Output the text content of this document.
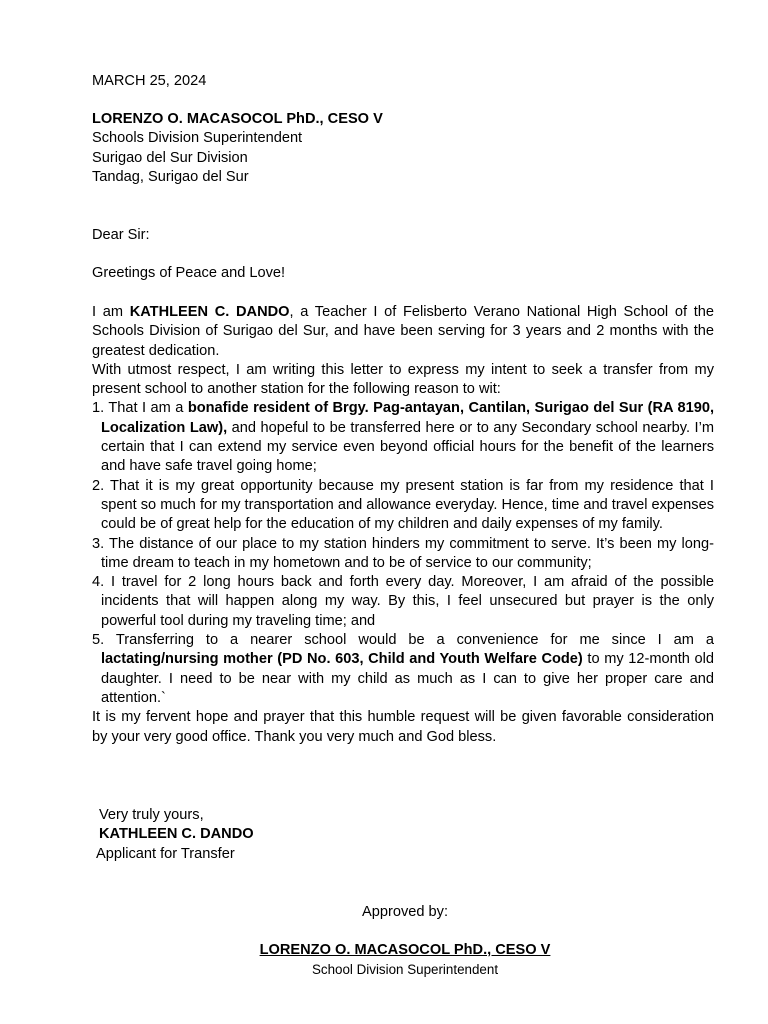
MARCH 25, 2024
LORENZO O. MACASOCOL PhD., CESO V
Schools Division Superintendent
Surigao del Sur Division
Tandag, Surigao del Sur
Dear Sir:
Greetings of Peace and Love!

I am KATHLEEN C. DANDO, a Teacher I of Felisberto Verano National High School of the Schools Division of Surigao del Sur, and have been serving for 3 years and 2 months with the greatest dedication.

With utmost respect, I am writing this letter to express my intent to seek a transfer from my present school to another station for the following reason to wit:

1. That I am a bonafide resident of Brgy. Pag-antayan, Cantilan, Surigao del Sur (RA 8190, Localization Law), and hopeful to be transferred here or to any Secondary school nearby. I’m certain that I can extend my service even beyond official hours for the benefit of the learners and have safe travel going home;

2. That it is my great opportunity because my present station is far from my residence that I spent so much for my transportation and allowance everyday. Hence, time and travel expenses could be of great help for the education of my children and daily expenses of my family.

3. The distance of our place to my station hinders my commitment to serve. It’s been my long-time dream to teach in my hometown and to be of service to our community;

4. I travel for 2 long hours back and forth every day. Moreover, I am afraid of the possible incidents that will happen along my way. By this, I feel unsecured but prayer is the only powerful tool during my traveling time; and

5. Transferring to a nearer school would be a convenience for me since I am a lactating/nursing mother (PD No. 603, Child and Youth Welfare Code) to my 12-month old daughter. I need to be near with my child as much as I can to give her proper care and attention.`

It is my fervent hope and prayer that this humble request will be given favorable consideration by your very good office. Thank you very much and God bless.

Very truly yours,
KATHLEEN C. DANDO
Applicant for Transfer
Approved by:
LORENZO O. MACASOCOL PhD., CESO V
School Division Superintendent
